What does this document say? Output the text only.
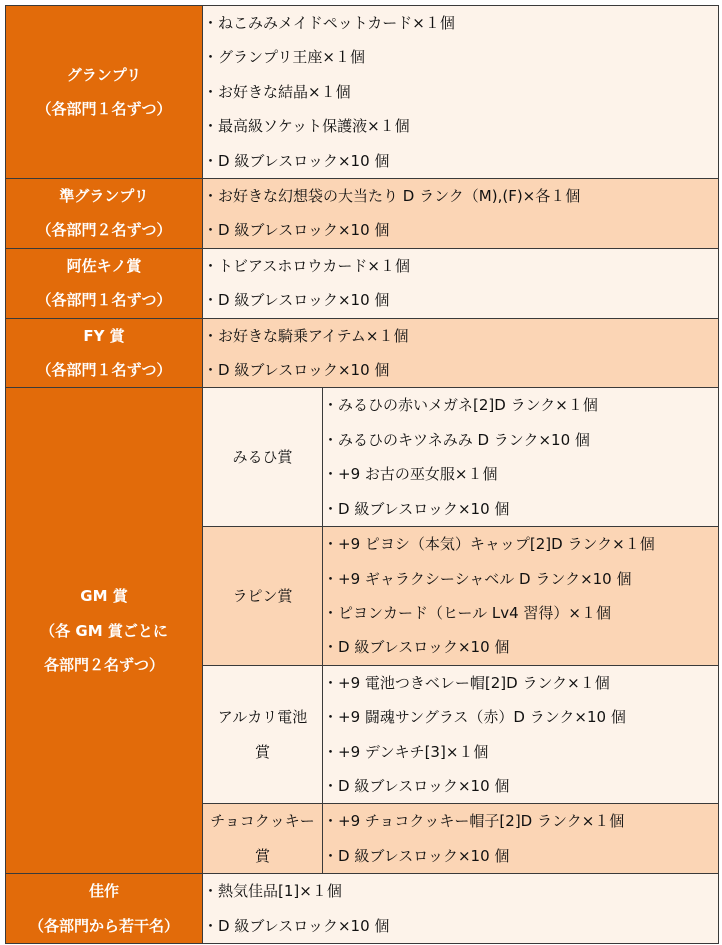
グランプリ
（各部門１名ずつ）	・ねこみみメイドペットカード×１個
・グランプリ王座×１個
・お好きな結晶×１個
・最高級ソケット保護液×１個
・D 級ブレスロック×10 個	

準グランプリ
（各部門２名ずつ）	・お好きな幻想袋の大当たり D ランク（M),(F)×各１個
・D 級ブレスロック×10 個	

阿佐キノ賞
（各部門１名ずつ）	・トビアスホロウカード×１個
・D 級ブレスロック×10 個	

FY 賞
（各部門１名ずつ）	・お好きな騎乗アイテム×１個
・D 級ブレスロック×10 個	

GM 賞
（各 GM 賞ごとに
各部門２名ずつ）	みるひ賞	・みるひの赤いメガネ[2]D ランク×１個
・みるひのキツネみみ D ランク×10 個
・+9 お古の巫女服×１個
・D 級ブレスロック×10 個

	ラピン賞	・+9 ピヨシ（本気）キャップ[2]D ランク×１個
・+9 ギャラクシーシャベル D ランク×10 個
・ピヨンカード（ヒール Lv4 習得）×１個
・D 級ブレスロック×10 個

	アルカリ電池
賞	・+9 電池つきベレー帽[2]D ランク×１個
・+9 闘魂サングラス（赤）D ランク×10 個
・+9 デンキチ[3]×１個
・D 級ブレスロック×10 個

	チョコクッキー
賞	・+9 チョコクッキー帽子[2]D ランク×１個
・D 級ブレスロック×10 個

佳作
（各部門から若干名）	・熱気佳品[1]×１個
・D 級ブレスロック×10 個	
